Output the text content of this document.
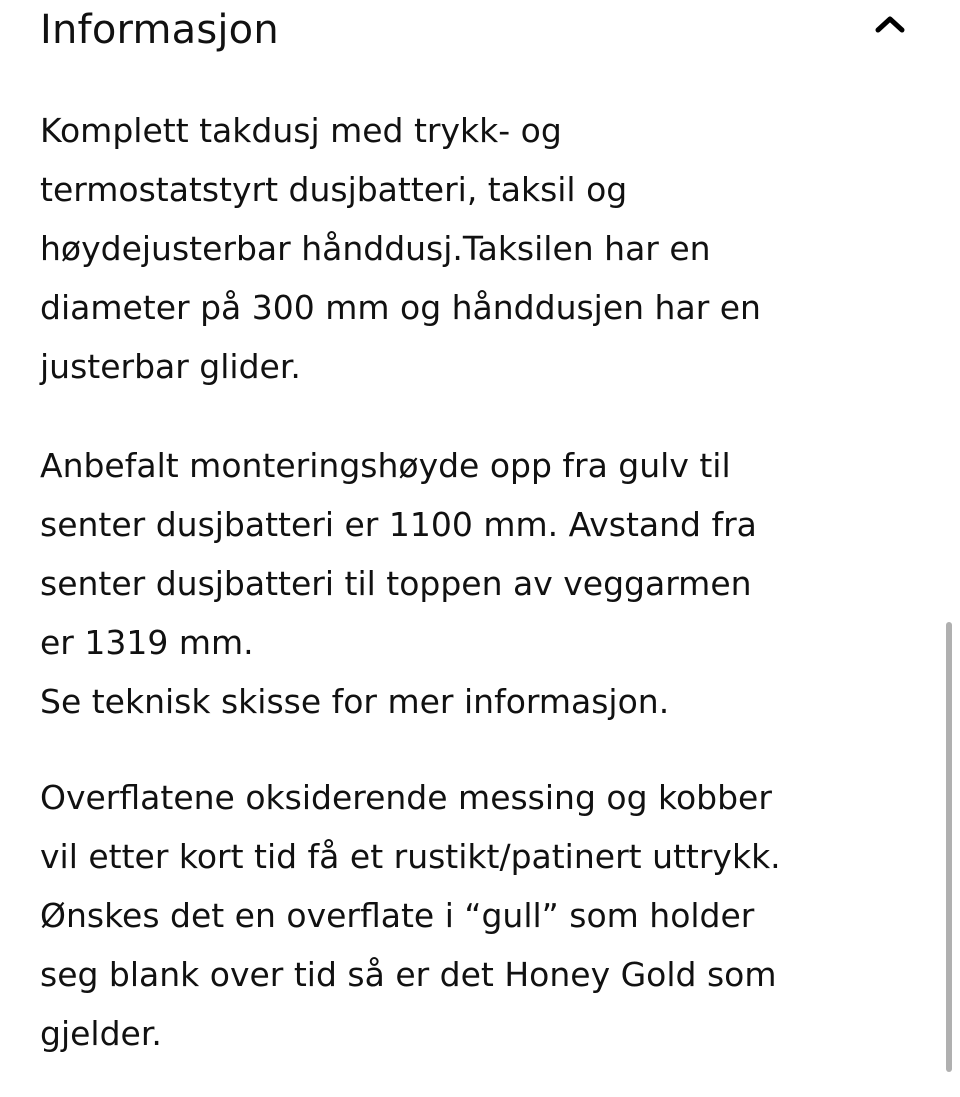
Informasjon

Komplett takdusj med trykk- og
termostatstyrt dusjbatteri, taksil og
høydejusterbar hånddusj.Taksilen har en
diameter på 300 mm og hånddusjen har en
justerbar glider.

Anbefalt monteringshøyde opp fra gulv til
senter dusjbatteri er 1100 mm. Avstand fra
senter dusjbatteri til toppen av veggarmen
er 1319 mm.
Se teknisk skisse for mer informasjon.

Overflatene oksiderende messing og kobber
vil etter kort tid få et rustikt/patinert uttrykk.
Ønskes det en overflate i “gull” som holder
seg blank over tid så er det Honey Gold som
gjelder.
